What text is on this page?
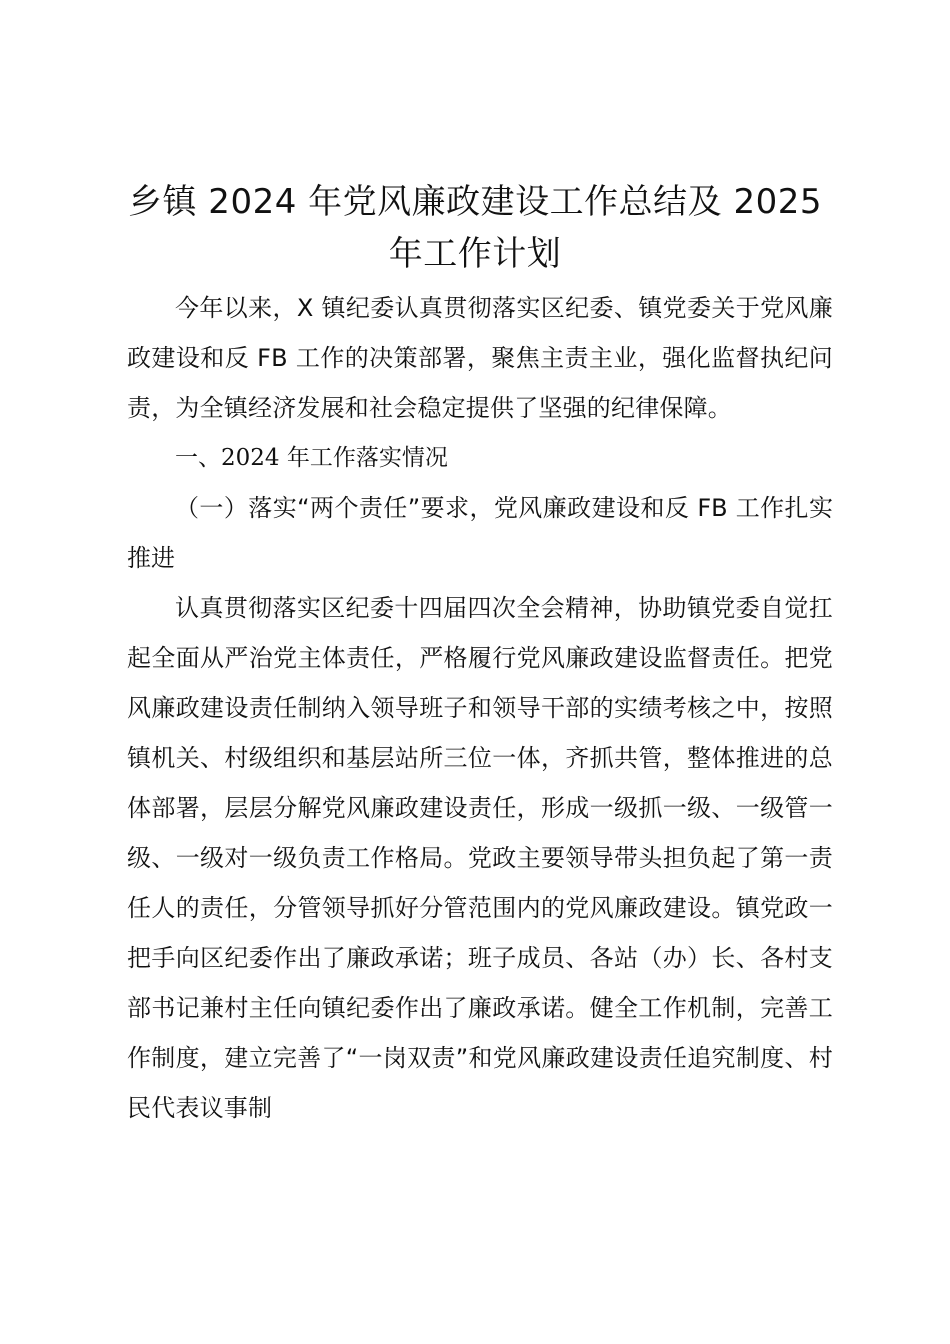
乡镇 2024 年党风廉政建设工作总结及 2025
年工作计划

今年以来，X 镇纪委认真贯彻落实区纪委、镇党委关于党风廉政建设和反 FB 工作的决策部署，聚焦主责主业，强化监督执纪问责，为全镇经济发展和社会稳定提供了坚强的纪律保障。

一、2024 年工作落实情况

（一）落实“两个责任”要求，党风廉政建设和反 FB 工作扎实推进

认真贯彻落实区纪委十四届四次全会精神，协助镇党委自觉扛起全面从严治党主体责任，严格履行党风廉政建设监督责任。把党风廉政建设责任制纳入领导班子和领导干部的实绩考核之中，按照镇机关、村级组织和基层站所三位一体，齐抓共管，整体推进的总体部署，层层分解党风廉政建设责任，形成一级抓一级、一级管一级、一级对一级负责工作格局。党政主要领导带头担负起了第一责任人的责任，分管领导抓好分管范围内的党风廉政建设。镇党政一把手向区纪委作出了廉政承诺；班子成员、各站（办）长、各村支部书记兼村主任向镇纪委作出了廉政承诺。健全工作机制，完善工作制度，建立完善了“一岗双责”和党风廉政建设责任追究制度、村民代表议事制
